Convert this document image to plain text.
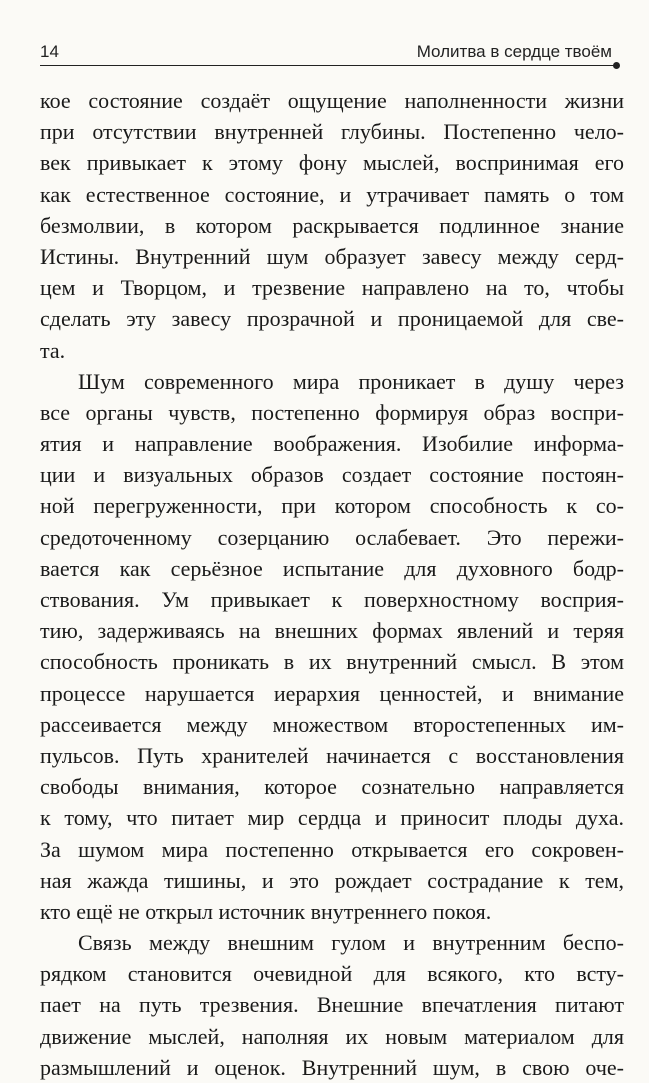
14	Молитва в сердце твоём
кое состояние создаёт ощущение наполненности жизни
при отсутствии внутренней глубины. Постепенно чело-
век привыкает к этому фону мыслей, воспринимая его
как естественное состояние, и утрачивает память о том
безмолвии, в котором раскрывается подлинное знание
Истины. Внутренний шум образует завесу между серд-
цем и Творцом, и трезвение направлено на то, чтобы
сделать эту завесу прозрачной и проницаемой для све-
та.
Шум современного мира проникает в душу через
все органы чувств, постепенно формируя образ воспри-
ятия и направление воображения. Изобилие информа-
ции и визуальных образов создает состояние постоян-
ной перегруженности, при котором способность к со-
средоточенному созерцанию ослабевает. Это пережи-
вается как серьёзное испытание для духовного бодр-
ствования. Ум привыкает к поверхностному восприя-
тию, задерживаясь на внешних формах явлений и теряя
способность проникать в их внутренний смысл. В этом
процессе нарушается иерархия ценностей, и внимание
рассеивается между множеством второстепенных им-
пульсов. Путь хранителей начинается с восстановления
свободы внимания, которое сознательно направляется
к тому, что питает мир сердца и приносит плоды духа.
За шумом мира постепенно открывается его сокровен-
ная жажда тишины, и это рождает сострадание к тем,
кто ещё не открыл источник внутреннего покоя.
Связь между внешним гулом и внутренним беспо-
рядком становится очевидной для всякого, кто всту-
пает на путь трезвения. Внешние впечатления питают
движение мыслей, наполняя их новым материалом для
размышлений и оценок. Внутренний шум, в свою оче-
